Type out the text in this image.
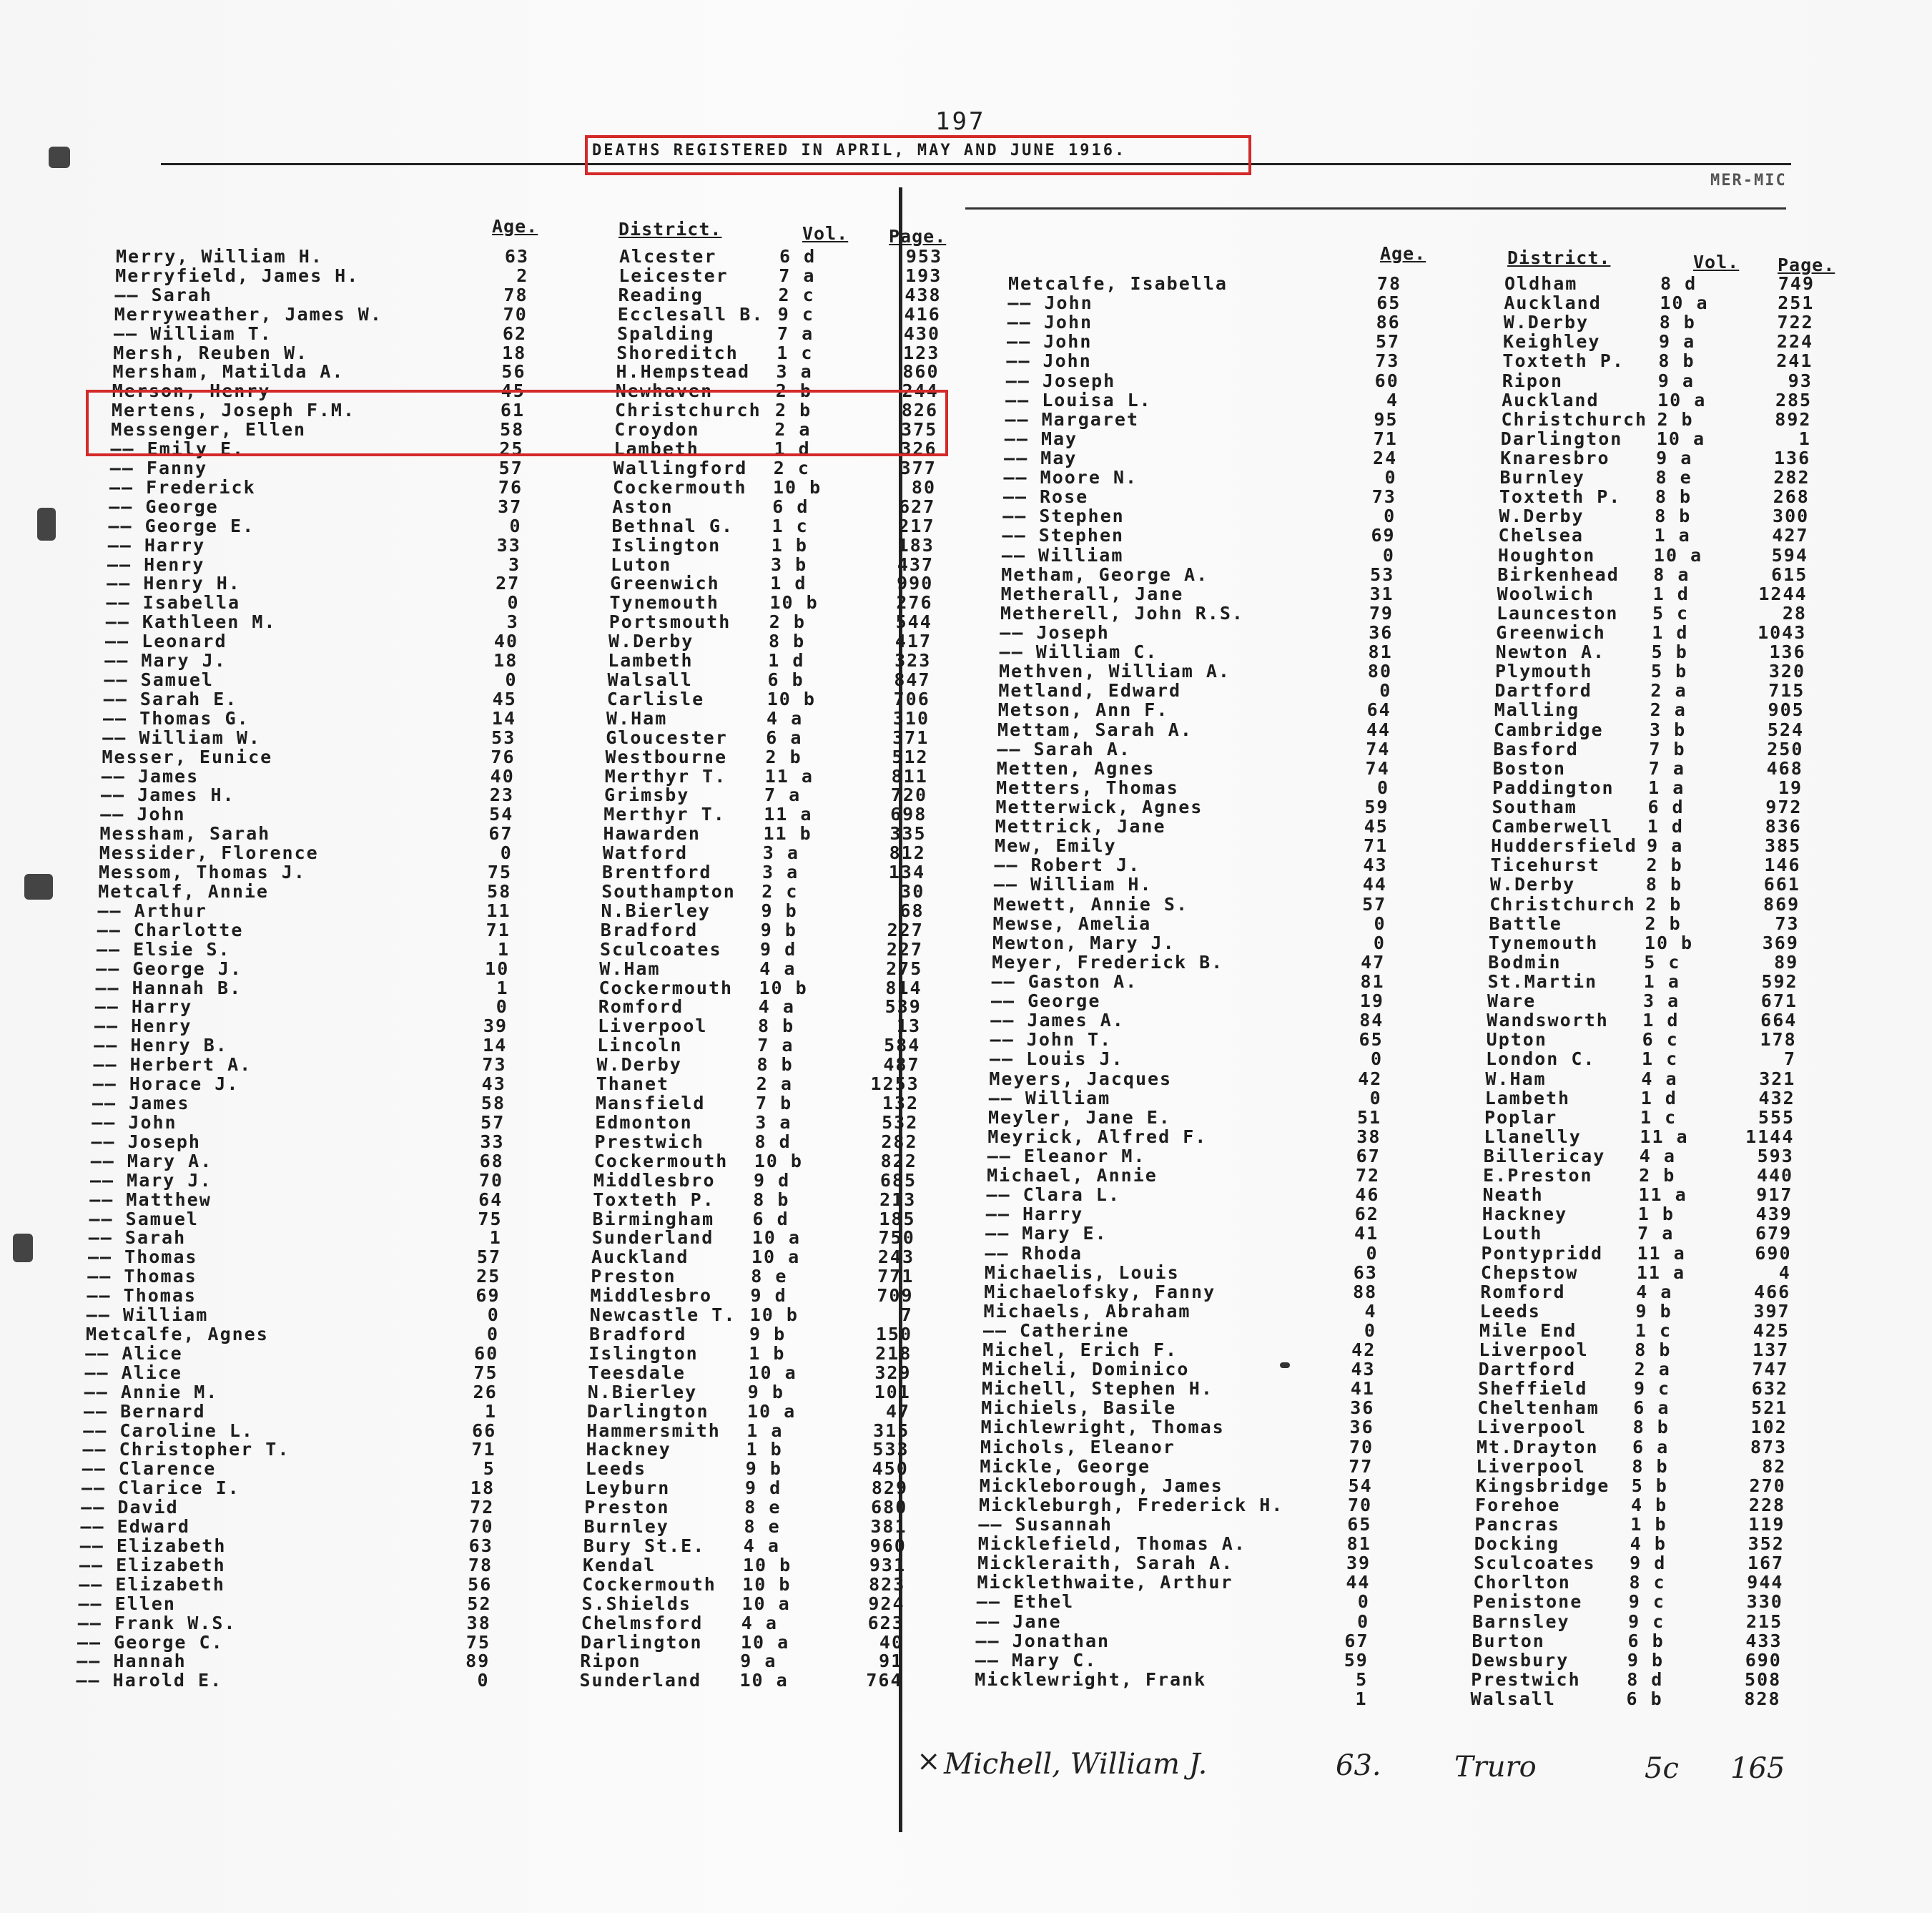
197
DEATHS REGISTERED IN APRIL, MAY AND JUNE 1916.
MER-MIC
Age.	District.	Vol. Page.
Age.	District.	Vol. Page.
Merry, William H.	63	Alcester	6 d	953
Merryfield, James H.	2	Leicester	7 a	193
—— Sarah	78	Reading	2 c	438
Merryweather, James W.	70	Ecclesall B. 9 c	416
—— William T.	62	Spalding	7 a	430
Mersh, Reuben W.	18	Shoreditch 1 c	123
Mersham, Matilda A.	56	H.Hempstead 3 a	860
Merson, Henry	45	Newhaven	2 b	244
Mertens, Joseph F.M.	61	Christchurch 2 b	826
Messenger, Ellen	58	Croydon	2 a	375
—— Emily E.	25	Lambeth	1 d	326
—— Fanny	57	Wallingford 2 c	377
—— Frederick	76	Cockermouth 10 b	80
—— George	37	Aston	6 d	627
—— George E.	0	Bethnal G. 1 c	217
—— Harry	33	Islington	1 b	183
—— Henry	3	Luton	3 b	437
—— Henry H.	27	Greenwich	1 d	990
—— Isabella	0	Tynemouth	10 b	276
—— Kathleen M.	3	Portsmouth 2 b	544
—— Leonard	40	W.Derby	8 b	417
—— Mary J.	18	Lambeth	1 d	323
—— Samuel	0	Walsall	6 b	847
—— Sarah E.	45	Carlisle	10 b	706
—— Thomas G.	14	W.Ham	4 a	310
—— William W.	53	Gloucester 6 a	371
Messer, Eunice	76	Westbourne 2 b	512
—— James	40	Merthyr T. 11 a	811
—— James H.	23	Grimsby	7 a	720
—— John	54	Merthyr T. 11 a	698
Messham, Sarah	67	Hawarden	11 b	335
Messider, Florence	0	Watford	3 a	812
Messom, Thomas J.	75	Brentford	3 a	134
Metcalf, Annie	58	Southampton 2 c	30
—— Arthur	11	N.Bierley	9 b	68
—— Charlotte	71	Bradford	9 b	227
—— Elsie S.	1	Sculcoates 9 d	227
—— George J.	10	W.Ham	4 a	275
—— Hannah B.	1	Cockermouth 10 b	814
—— Harry	0	Romford	4 a	539
—— Henry	39	Liverpool	8 b	13
—— Henry B.	14	Lincoln	7 a	584
—— Herbert A.	73	W.Derby	8 b	487
—— Horace J.	43	Thanet	2 a	1253
—— James	58	Mansfield	7 b	132
—— John	57	Edmonton	3 a	532
—— Joseph	33	Prestwich	8 d	282
—— Mary A.	68	Cockermouth 10 b	822
—— Mary J.	70	Middlesbro 9 d	685
—— Matthew	64	Toxteth P. 8 b	213
—— Samuel	75	Birmingham 6 d	185
—— Sarah	1	Sunderland 10 a	750
—— Thomas	57	Auckland	10 a	243
—— Thomas	25	Preston	8 e	771
—— Thomas	69	Middlesbro 9 d	709
—— William	0	Newcastle T. 10 b	7
Metcalfe, Agnes	0	Bradford	9 b	150
—— Alice	60	Islington	1 b	218
—— Alice	75	Teesdale	10 a	329
—— Annie M.	26	N.Bierley	9 b	101
—— Bernard	1	Darlington 10 a	47
—— Caroline L.	66	Hammersmith 1 a	315
—— Christopher T.	71	Hackney	1 b	533
—— Clarence	5	Leeds	9 b	450
—— Clarice I.	18	Leyburn	9 d	829
—— David	72	Preston	8 e	680
—— Edward	70	Burnley	8 e	381
—— Elizabeth	63	Bury St.E. 4 a	960
—— Elizabeth	78	Kendal	10 b	931
—— Elizabeth	56	Cockermouth 10 b	823
—— Ellen	52	S.Shields	10 a	924
—— Frank W.S.	38	Chelmsford 4 a	623
—— George C.	75	Darlington 10 a	40
—— Hannah	89	Ripon	9 a	91
—— Harold E.	0	Sunderland 10 a	764
Metcalfe, Isabella	78	Oldham	8 d	749
—— John	65	Auckland	10 a	251
—— John	86	W.Derby	8 b	722
—— John	57	Keighley	9 a	224
—— John	73	Toxteth P. 8 b	241
—— Joseph	60	Ripon	9 a	93
—— Louisa L.	4	Auckland	10 a	285
—— Margaret	95	Christchurch 2 b	892
—— May	71	Darlington 10 a	1
—— May	24	Knaresbro	9 a	136
—— Moore N.	0	Burnley	8 e	282
—— Rose	73	Toxteth P. 8 b	268
—— Stephen	0	W.Derby	8 b	300
—— Stephen	69	Chelsea	1 a	427
—— William	0	Houghton	10 a	594
Metham, George A.	53	Birkenhead 8 a	615
Metherall, Jane	31	Woolwich	1 d	1244
Metherell, John R.S.	79	Launceston 5 c	28
—— Joseph	36	Greenwich	1 d	1043
—— William C.	81	Newton A.	5 b	136
Methven, William A.	80	Plymouth	5 b	320
Metland, Edward	0	Dartford	2 a	715
Metson, Ann F.	64	Malling	2 a	905
Mettam, Sarah A.	44	Cambridge	3 b	524
—— Sarah A.	74	Basford	7 b	250
Metten, Agnes	74	Boston	7 a	468
Metters, Thomas	0	Paddington 1 a	19
Metterwick, Agnes	59	Southam	6 d	972
Mettrick, Jane	45	Camberwell 1 d	836
Mew, Emily	71	Huddersfield 9 a	385
—— Robert J.	43	Ticehurst	2 b	146
—— William H.	44	W.Derby	8 b	661
Mewett, Annie S.	57	Christchurch 2 b	869
Mewse, Amelia	0	Battle	2 b	73
Mewton, Mary J.	0	Tynemouth	10 b	369
Meyer, Frederick B.	47	Bodmin	5 c	89
—— Gaston A.	81	St.Martin	1 a	592
—— George	19	Ware	3 a	671
—— James A.	84	Wandsworth 1 d	664
—— John T.	65	Upton	6 c	178
—— Louis J.	0	London C.	1 c	7
Meyers, Jacques	42	W.Ham	4 a	321
—— William	0	Lambeth	1 d	432
Meyler, Jane E.	51	Poplar	1 c	555
Meyrick, Alfred F.	38	Llanelly	11 a	1144
—— Eleanor M.	67	Billericay 4 a	593
Michael, Annie	72	E.Preston	2 b	440
—— Clara L.	46	Neath	11 a	917
—— Harry	62	Hackney	1 b	439
—— Mary E.	41	Louth	7 a	679
—— Rhoda	0	Pontypridd 11 a	690
Michaelis, Louis	63	Chepstow	11 a	4
Michaelofsky, Fanny	88	Romford	4 a	466
Michaels, Abraham	4	Leeds	9 b	397
—— Catherine	0	Mile End	1 c	425
Michel, Erich F.	42	Liverpool	8 b	137
Micheli, Dominico	43	Dartford	2 a	747
Michell, Stephen H.	41	Sheffield	9 c	632
Michiels, Basile	36	Cheltenham 6 a	521
Michlewright, Thomas	36	Liverpool	8 b	102
Michols, Eleanor	70	Mt.Drayton 6 a	873
Mickle, George	77	Liverpool	8 b	82
Mickleborough, James	54	Kingsbridge 5 b	270
Mickleburgh, Frederick H.	70	Forehoe	4 b	228
—— Susannah	65	Pancras	1 b	119
Micklefield, Thomas A.	81	Docking	4 b	352
Mickleraith, Sarah A.	39	Sculcoates 9 d	167
Micklethwaite, Arthur	44	Chorlton	8 c	944
—— Ethel	0	Penistone	9 c	330
—— Jane	0	Barnsley	9 c	215
—— Jonathan	67	Burton	6 b	433
—— Mary C.	59	Dewsbury	9 b	690
Micklewright, Frank	5	Prestwich	8 d	508
1	Walsall	6 b	828
× Michell, William J.	63.	Truro	5c 165
